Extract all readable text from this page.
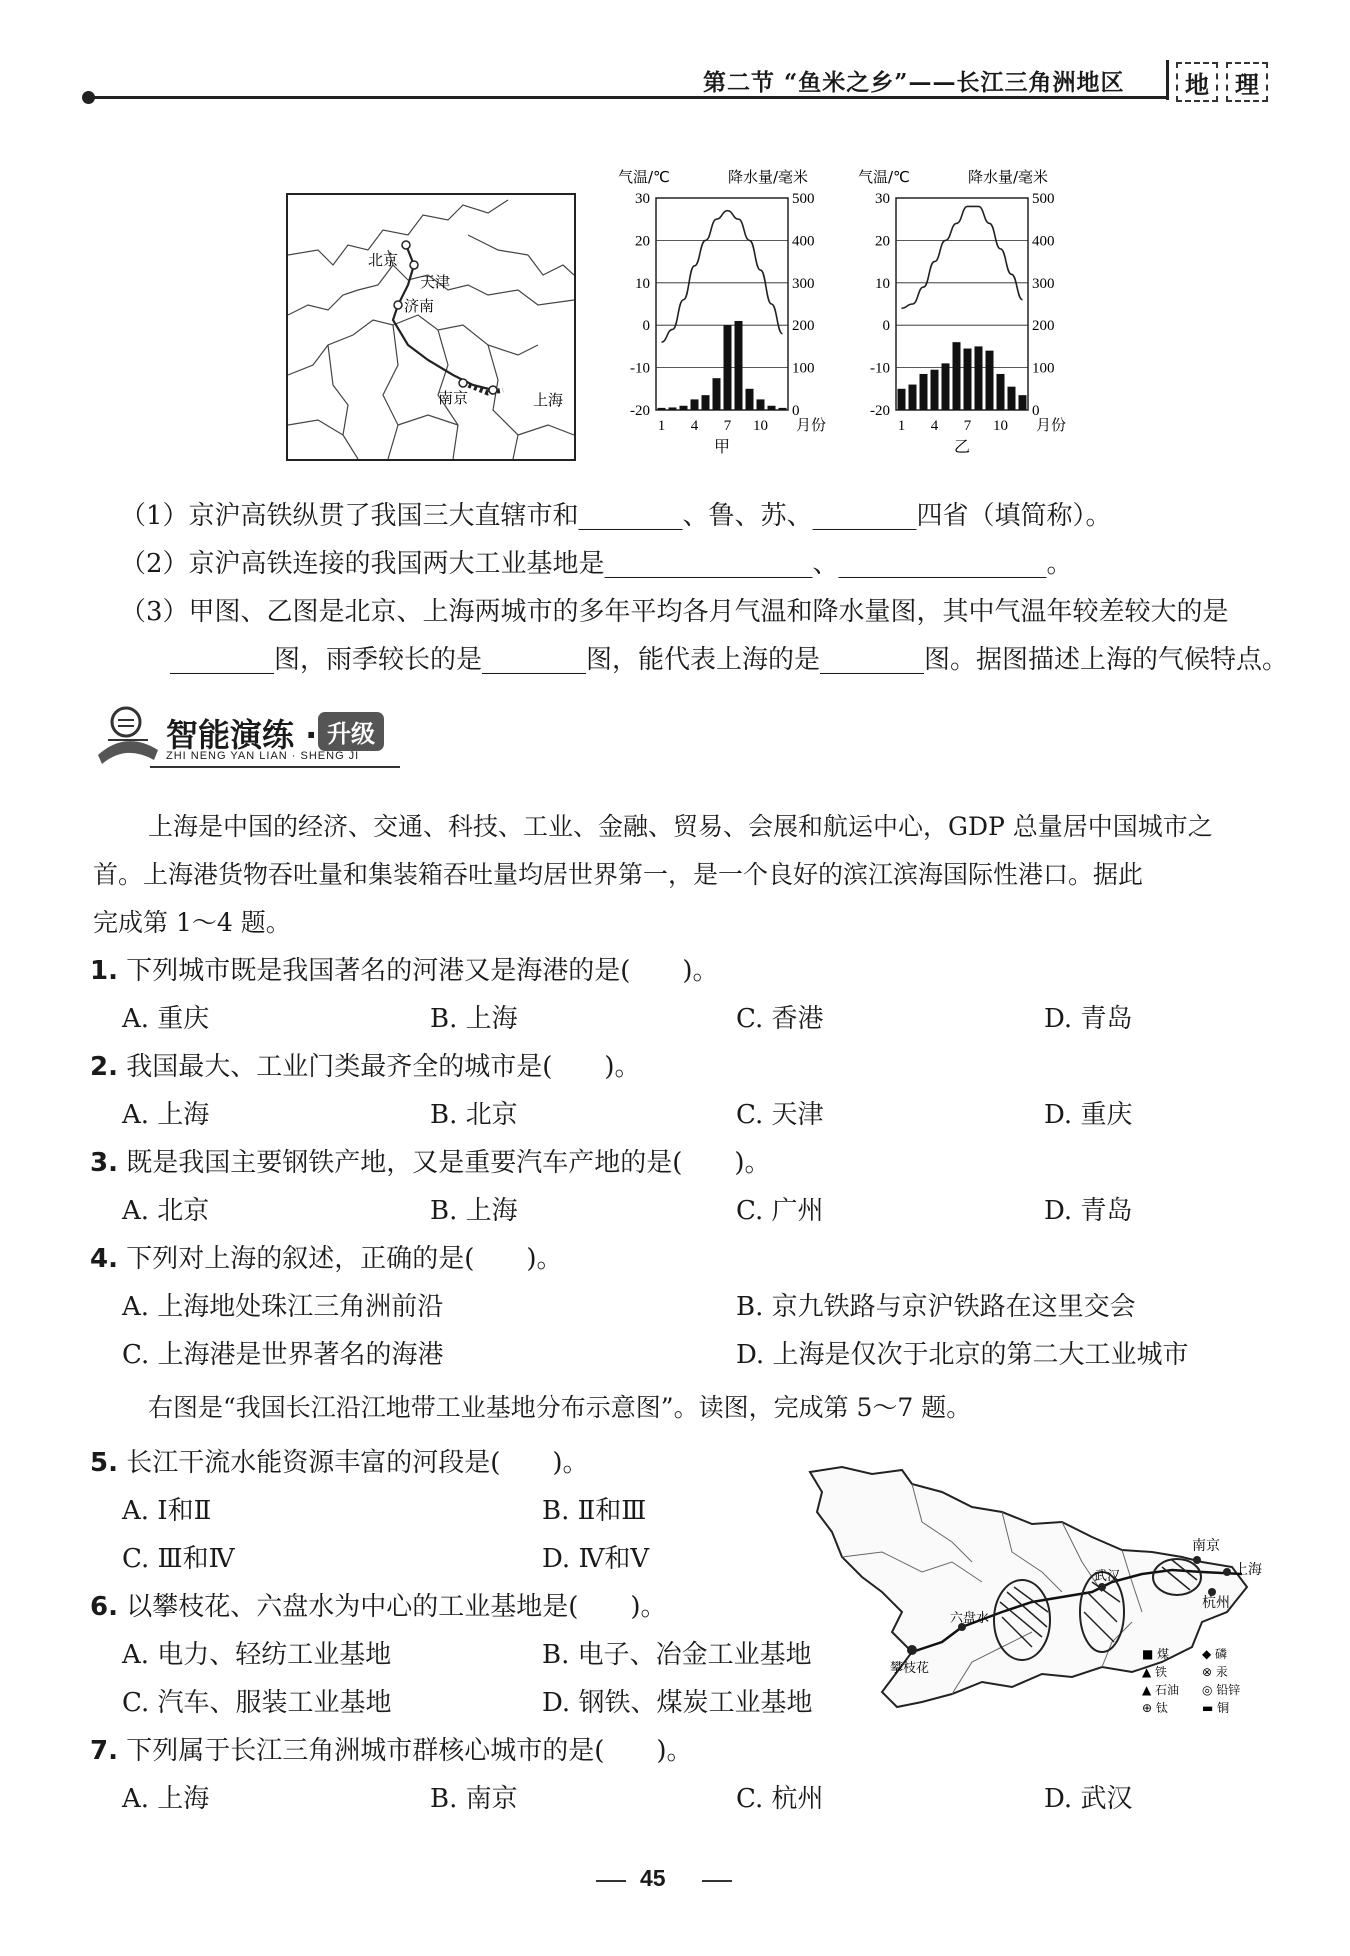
第二节 “鱼米之乡”——长江三角洲地区	地	理
北京
天津
济南
南京	上海
30	500
20	400
10	300
0	200
-10	100
-20	0
气温/℃	降水量/毫米
1 4 7 10 月份
甲
30	500
20	400
10	300
0	200
-10	100
-20	0
气温/℃	降水量/毫米
1 4 7 10 月份
乙
（1）京沪高铁纵贯了我国三大直辖市和________、鲁、苏、________四省（填简称）。
（2）京沪高铁连接的我国两大工业基地是________________、________________。
（3）甲图、乙图是北京、上海两城市的多年平均各月气温和降水量图，其中气温年较差较大的是
________图，雨季较长的是________图，能代表上海的是________图。据图描述上海的气候特点。
智能演练 · 升级
ZHI NENG YAN LIAN · SHENG JI
上海是中国的经济、交通、科技、工业、金融、贸易、会展和航运中心，GDP 总量居中国城市之
首。上海港货物吞吐量和集装箱吞吐量均居世界第一，是一个良好的滨江滨海国际性港口。据此
完成第 1～4 题。
1. 下列城市既是我国著名的河港又是海港的是(　　)。
A. 重庆	B. 上海	C. 香港	D. 青岛
2. 我国最大、工业门类最齐全的城市是(　　)。
A. 上海	B. 北京	C. 天津	D. 重庆
3. 既是我国主要钢铁产地，又是重要汽车产地的是(　　)。
A. 北京	B. 上海	C. 广州	D. 青岛
4. 下列对上海的叙述，正确的是(　　)。
A. 上海地处珠江三角洲前沿	B. 京九铁路与京沪铁路在这里交会
C. 上海港是世界著名的海港	D. 上海是仅次于北京的第二大工业城市
右图是“我国长江沿江地带工业基地分布示意图”。读图，完成第 5～7 题。
5. 长江干流水能资源丰富的河段是(　　)。
A. Ⅰ和Ⅱ	B. Ⅱ和Ⅲ
C. Ⅲ和Ⅳ	D. Ⅳ和Ⅴ
6. 以攀枝花、六盘水为中心的工业基地是(　　)。
A. 电力、轻纺工业基地	B. 电子、冶金工业基地
C. 汽车、服装工业基地	D. 钢铁、煤炭工业基地
7. 下列属于长江三角洲城市群核心城市的是(　　)。
A. 上海	B. 南京	C. 杭州	D. 武汉
南京
上海
杭州
武汉
六盘水
攀枝花
■ 煤
▲ 铁
▲ 石油
⊕ 钛
◆ 磷
⊗ 汞
◎ 铅锌
▬ 铜
45
